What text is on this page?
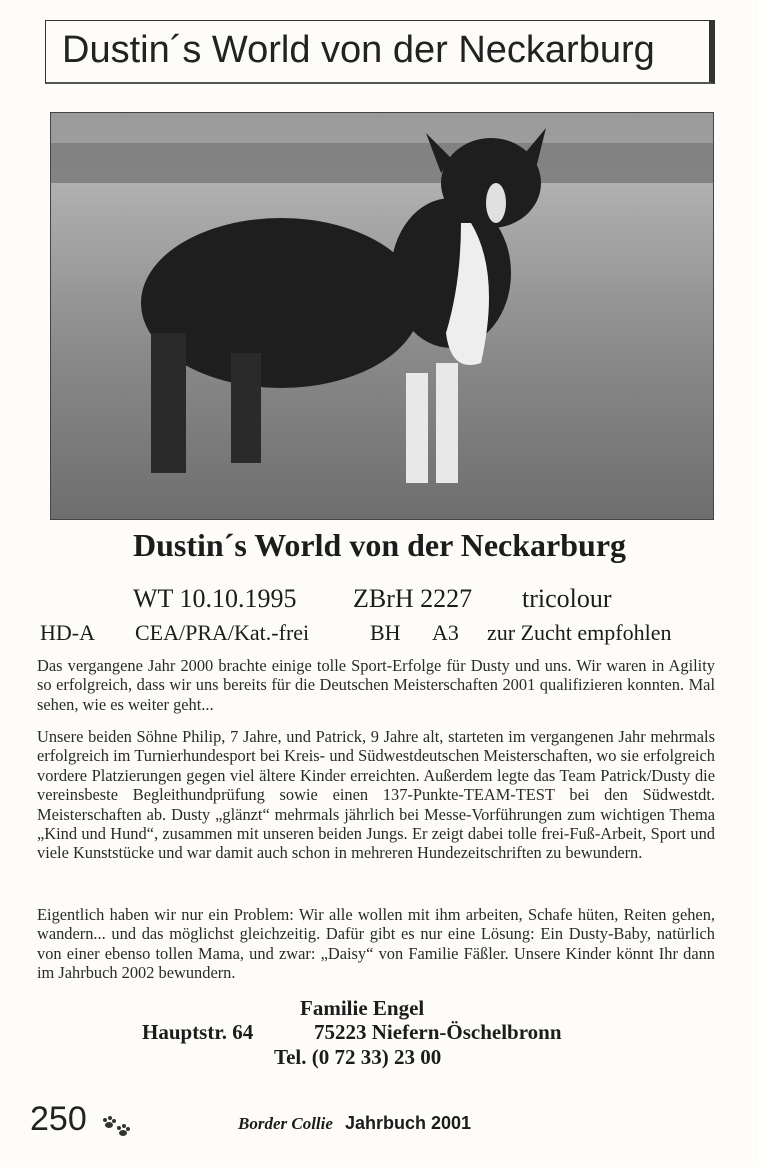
Dustin´s World von der Neckarburg
Dustin´s World von der Neckarburg
WT 10.10.1995 ZBrH 2227 tricolour
HD-A CEA/PRA/Kat.-frei	BH A3 zur Zucht empfohlen
Das vergangene Jahr 2000 brachte einige tolle Sport-Erfolge für Dusty und uns. Wir waren in Agility so erfolgreich, dass wir uns bereits für die Deutschen Meisterschaften 2001 qualifizieren konnten. Mal sehen, wie es weiter geht...
Unsere beiden Söhne Philip, 7 Jahre, und Patrick, 9 Jahre alt, starteten im vergangenen Jahr mehrmals erfolgreich im Turnierhundesport bei Kreis- und Südwestdeutschen Meisterschaften, wo sie erfolgreich vordere Platzierungen gegen viel ältere Kinder erreichten. Außerdem legte das Team Patrick/Dusty die vereinsbeste Begleithundprüfung sowie einen 137-Punkte-TEAM-TEST bei den Südwestdt. Meisterschaften ab. Dusty „glänzt“ mehrmals jährlich bei Messe-Vorführungen zum wichtigen Thema „Kind und Hund“, zusammen mit unseren beiden Jungs. Er zeigt dabei tolle frei-Fuß-Arbeit, Sport und viele Kunststücke und war damit auch schon in mehreren Hundezeitschriften zu bewundern.
Eigentlich haben wir nur ein Problem: Wir alle wollen mit ihm arbeiten, Schafe hüten, Reiten gehen, wandern... und das möglichst gleichzeitig. Dafür gibt es nur eine Lösung: Ein Dusty-Baby, natürlich von einer ebenso tollen Mama, und zwar: „Daisy“ von Familie Fäßler. Unsere Kinder könnt Ihr dann im Jahrbuch 2002 bewundern.
Familie Engel
Hauptstr. 64	75223 Niefern-Öschelbronn
Tel. (0 72 33) 23 00
250	Border Collie Jahrbuch 2001
